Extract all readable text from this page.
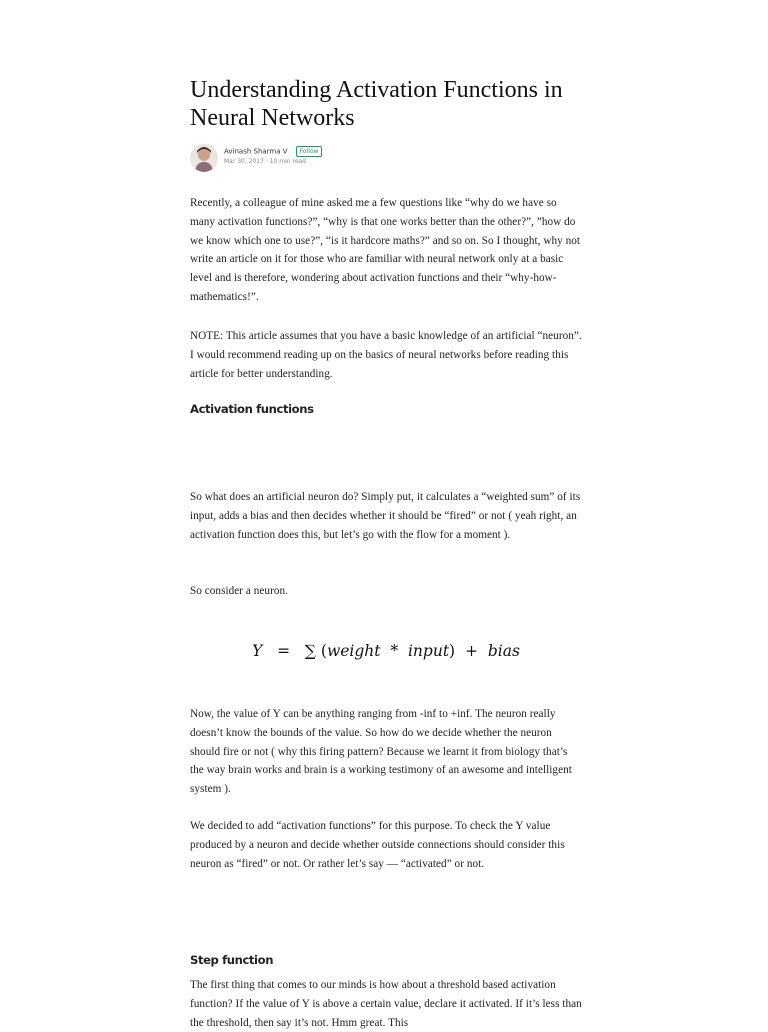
Understanding Activation Functions in Neural Networks
Avinash Sharma V Follow
Mar 30, 2017 · 10 min read

Recently, a colleague of mine asked me a few questions like “why do we have so many activation functions?”, “why is that one works better than the other?”, ”how do we know which one to use?”, “is it hardcore maths?” and so on. So I thought, why not write an article on it for those who are familiar with neural network only at a basic level and is therefore, wondering about activation functions and their “why-how-mathematics!”.

NOTE: This article assumes that you have a basic knowledge of an artificial “neuron”. I would recommend reading up on the basics of neural networks before reading this article for better understanding.

Activation functions

So what does an artificial neuron do? Simply put, it calculates a “weighted sum” of its input, adds a bias and then decides whether it should be “fired” or not ( yeah right, an activation function does this, but let’s go with the flow for a moment ).

So consider a neuron.

Y = ∑ (weight * input) + bias

Now, the value of Y can be anything ranging from -inf to +inf. The neuron really doesn’t know the bounds of the value. So how do we decide whether the neuron should fire or not ( why this firing pattern? Because we learnt it from biology that’s the way brain works and brain is a working testimony of an awesome and intelligent system ).

We decided to add “activation functions” for this purpose. To check the Y value produced by a neuron and decide whether outside connections should consider this neuron as “fired” or not. Or rather let’s say — “activated” or not.

Step function

The first thing that comes to our minds is how about a threshold based activation function? If the value of Y is above a certain value, declare it activated. If it’s less than the threshold, then say it’s not. Hmm great. This
